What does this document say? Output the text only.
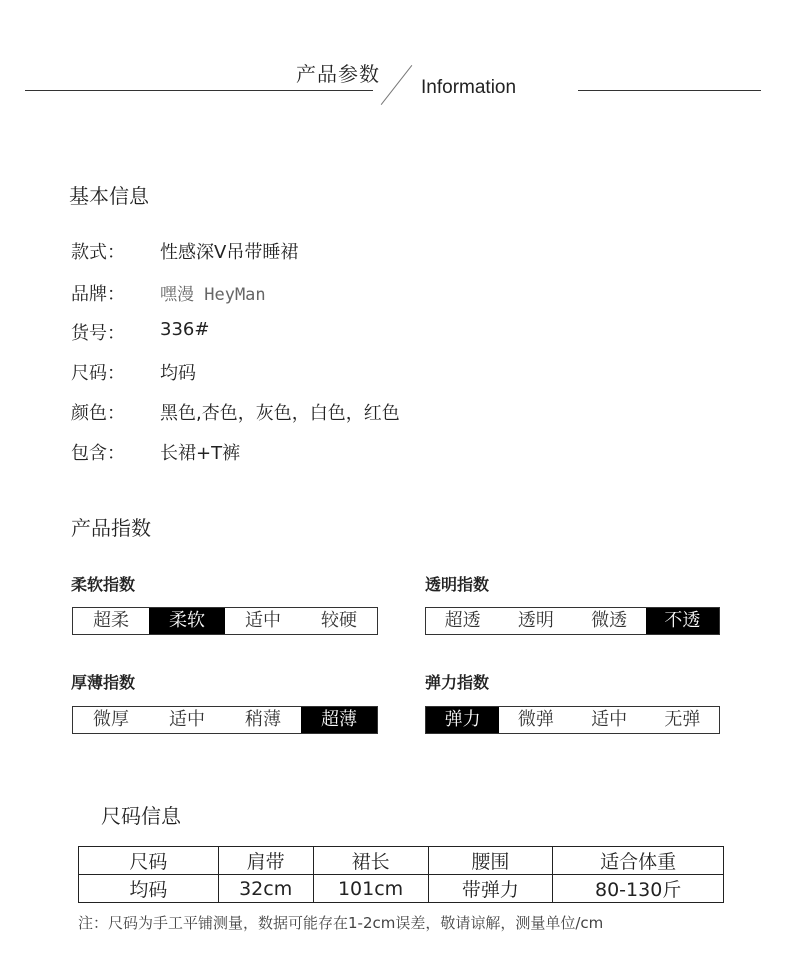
产品参数
Information
基本信息
款式：	性感深V吊带睡裙
品牌：	嘿漫 HeyMan
货号：	336#
尺码：	均码
颜色：	黑色,杏色，灰色，白色，红色
包含：	长裙+T裤
产品指数
柔软指数
超柔	柔软	适中	较硬
透明指数
超透	透明	微透	不透
厚薄指数
微厚	适中	稍薄	超薄
弹力指数
弹力	微弹	适中	无弹
尺码信息
尺码	肩带	裙长	腰围	适合体重
均码	32cm	101cm	带弹力	80-130斤
注：尺码为手工平铺测量，数据可能存在1-2cm误差，敬请谅解，测量单位/cm
